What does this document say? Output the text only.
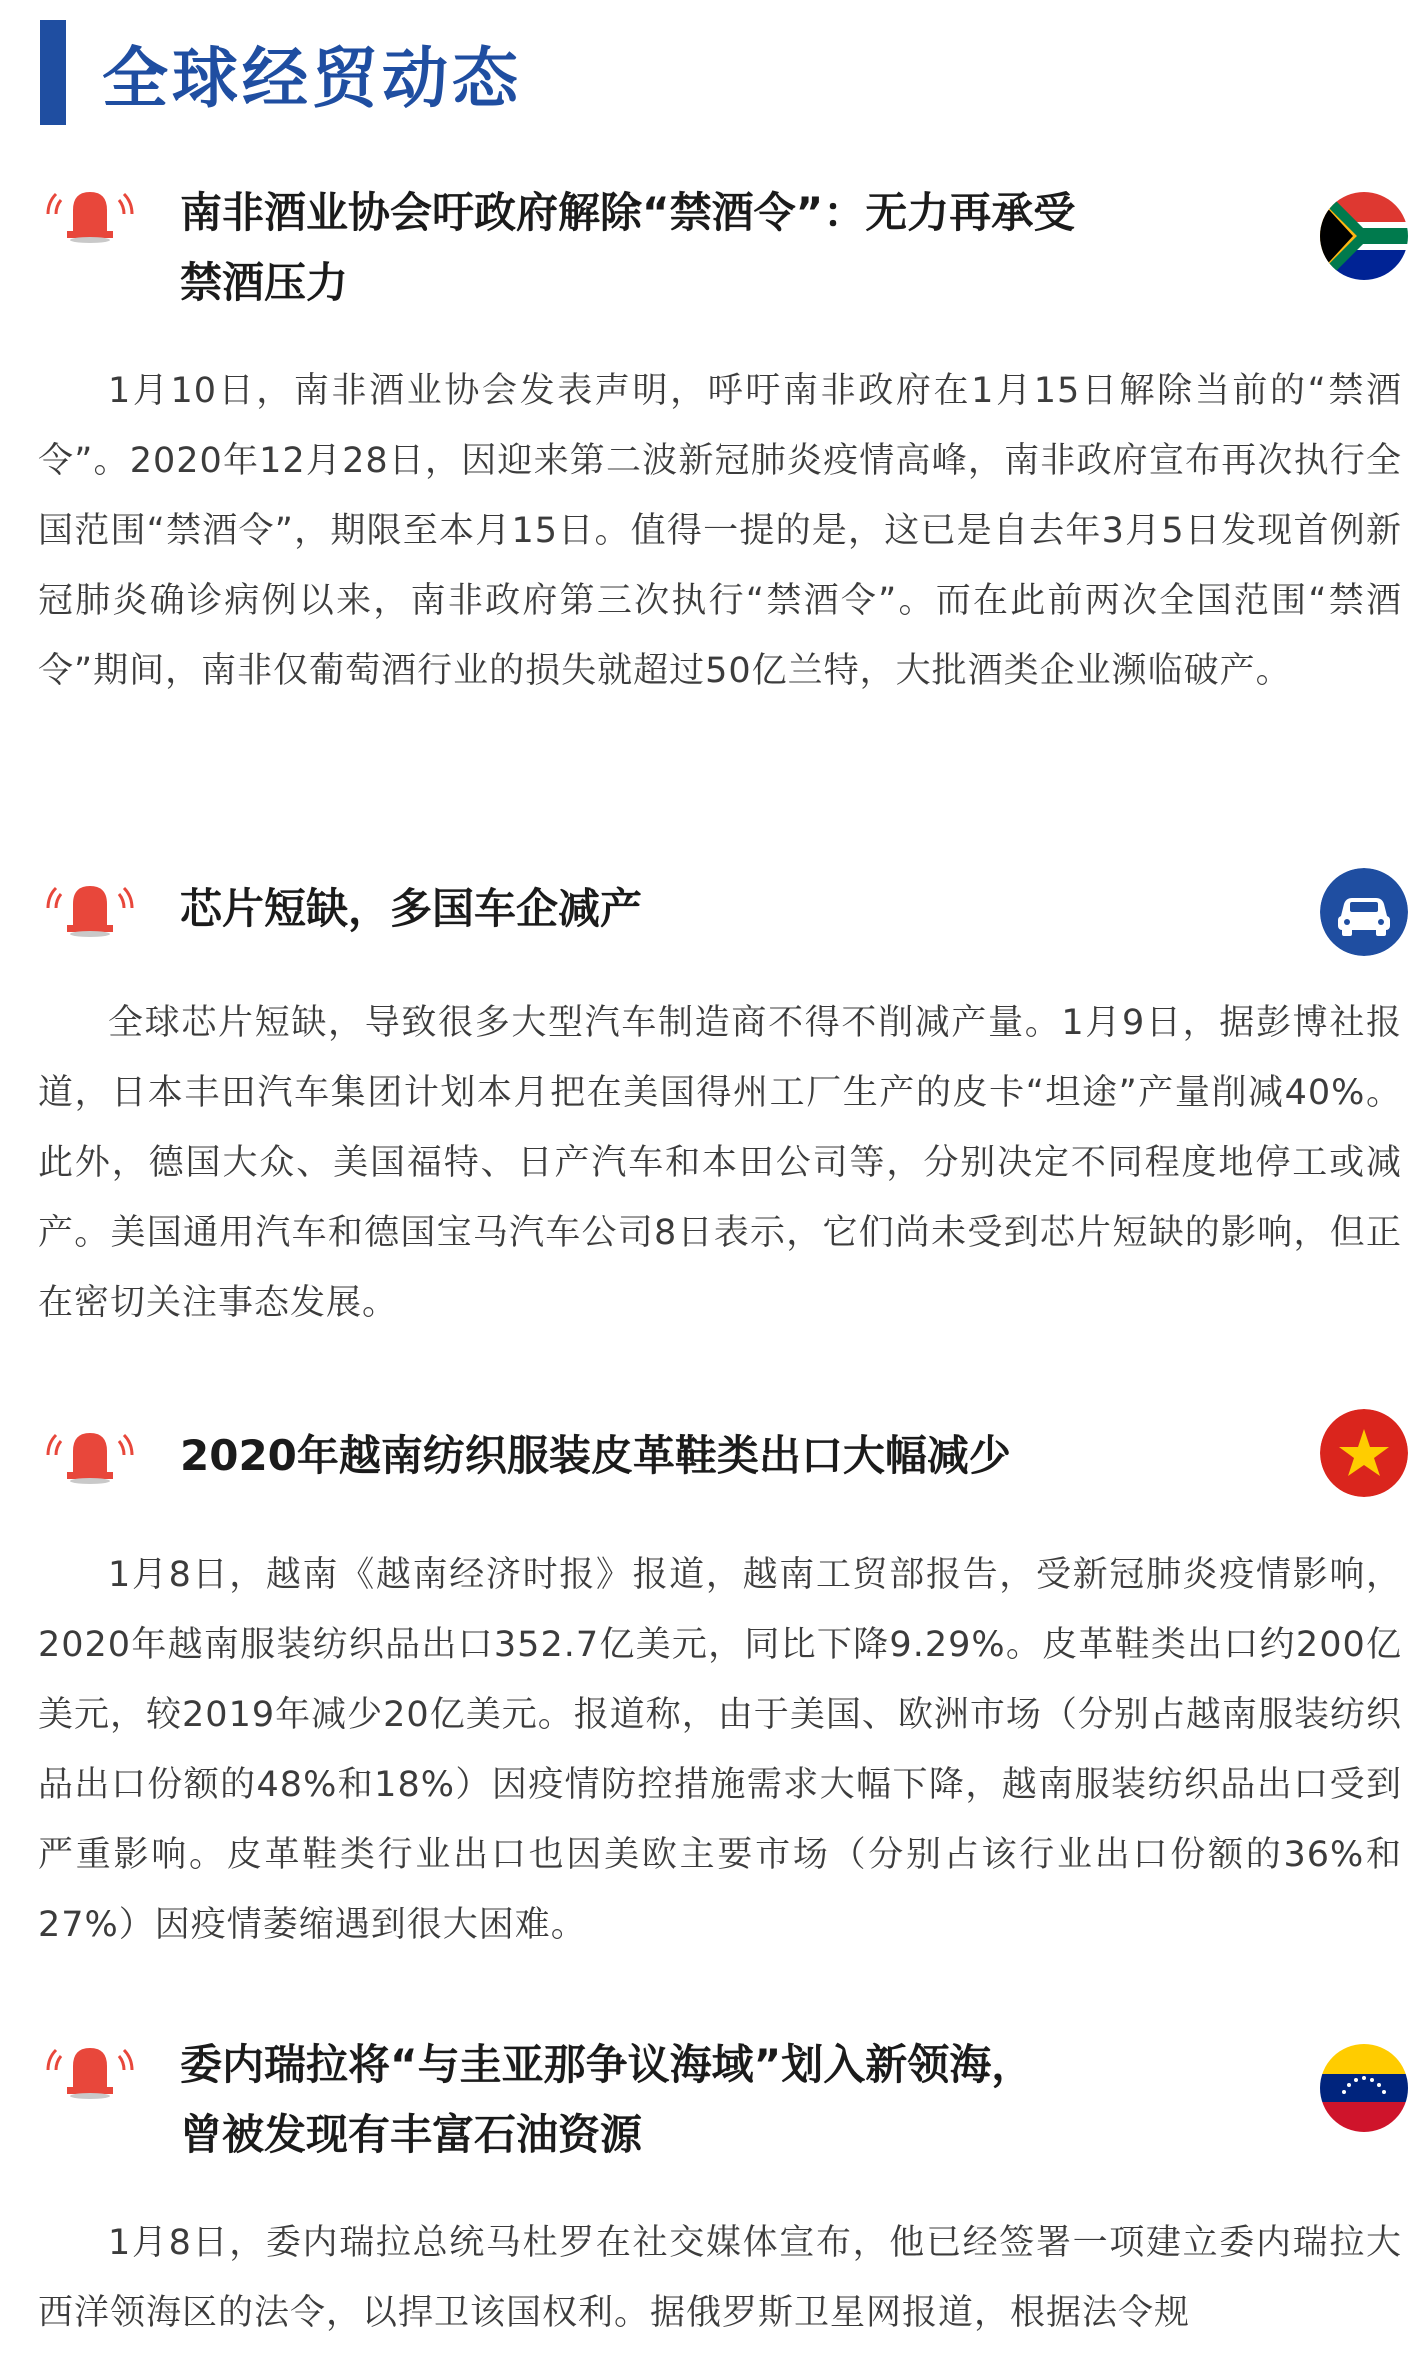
全球经贸动态
南非酒业协会吁政府解除“禁酒令”：无力再承受
禁酒压力

1月10日，南非酒业协会发表声明，呼吁南非政府在1月15日解除当前的“禁酒令”。2020年12月28日，因迎来第二波新冠肺炎疫情高峰，南非政府宣布再次执行全国范围“禁酒令”，期限至本月15日。值得一提的是，这已是自去年3月5日发现首例新冠肺炎确诊病例以来，南非政府第三次执行“禁酒令”。而在此前两次全国范围“禁酒令”期间，南非仅葡萄酒行业的损失就超过50亿兰特，大批酒类企业濒临破产。

芯片短缺，多国车企减产

全球芯片短缺，导致很多大型汽车制造商不得不削减产量。1月9日，据彭博社报道，日本丰田汽车集团计划本月把在美国得州工厂生产的皮卡“坦途”产量削减40%。此外，德国大众、美国福特、日产汽车和本田公司等，分别决定不同程度地停工或减产。美国通用汽车和德国宝马汽车公司8日表示，它们尚未受到芯片短缺的影响，但正在密切关注事态发展。

2020年越南纺织服装皮革鞋类出口大幅减少

1月8日，越南《越南经济时报》报道，越南工贸部报告，受新冠肺炎疫情影响，2020年越南服装纺织品出口352.7亿美元，同比下降9.29%。皮革鞋类出口约200亿美元，较2019年减少20亿美元。报道称，由于美国、欧洲市场（分别占越南服装纺织品出口份额的48%和18%）因疫情防控措施需求大幅下降，越南服装纺织品出口受到严重影响。皮革鞋类行业出口也因美欧主要市场（分别占该行业出口份额的36%和27%）因疫情萎缩遇到很大困难。

委内瑞拉将“与圭亚那争议海域”划入新领海，
曾被发现有丰富石油资源

1月8日，委内瑞拉总统马杜罗在社交媒体宣布，他已经签署一项建立委内瑞拉大西洋领海区的法令，以捍卫该国权利。据俄罗斯卫星网报道，根据法令规
